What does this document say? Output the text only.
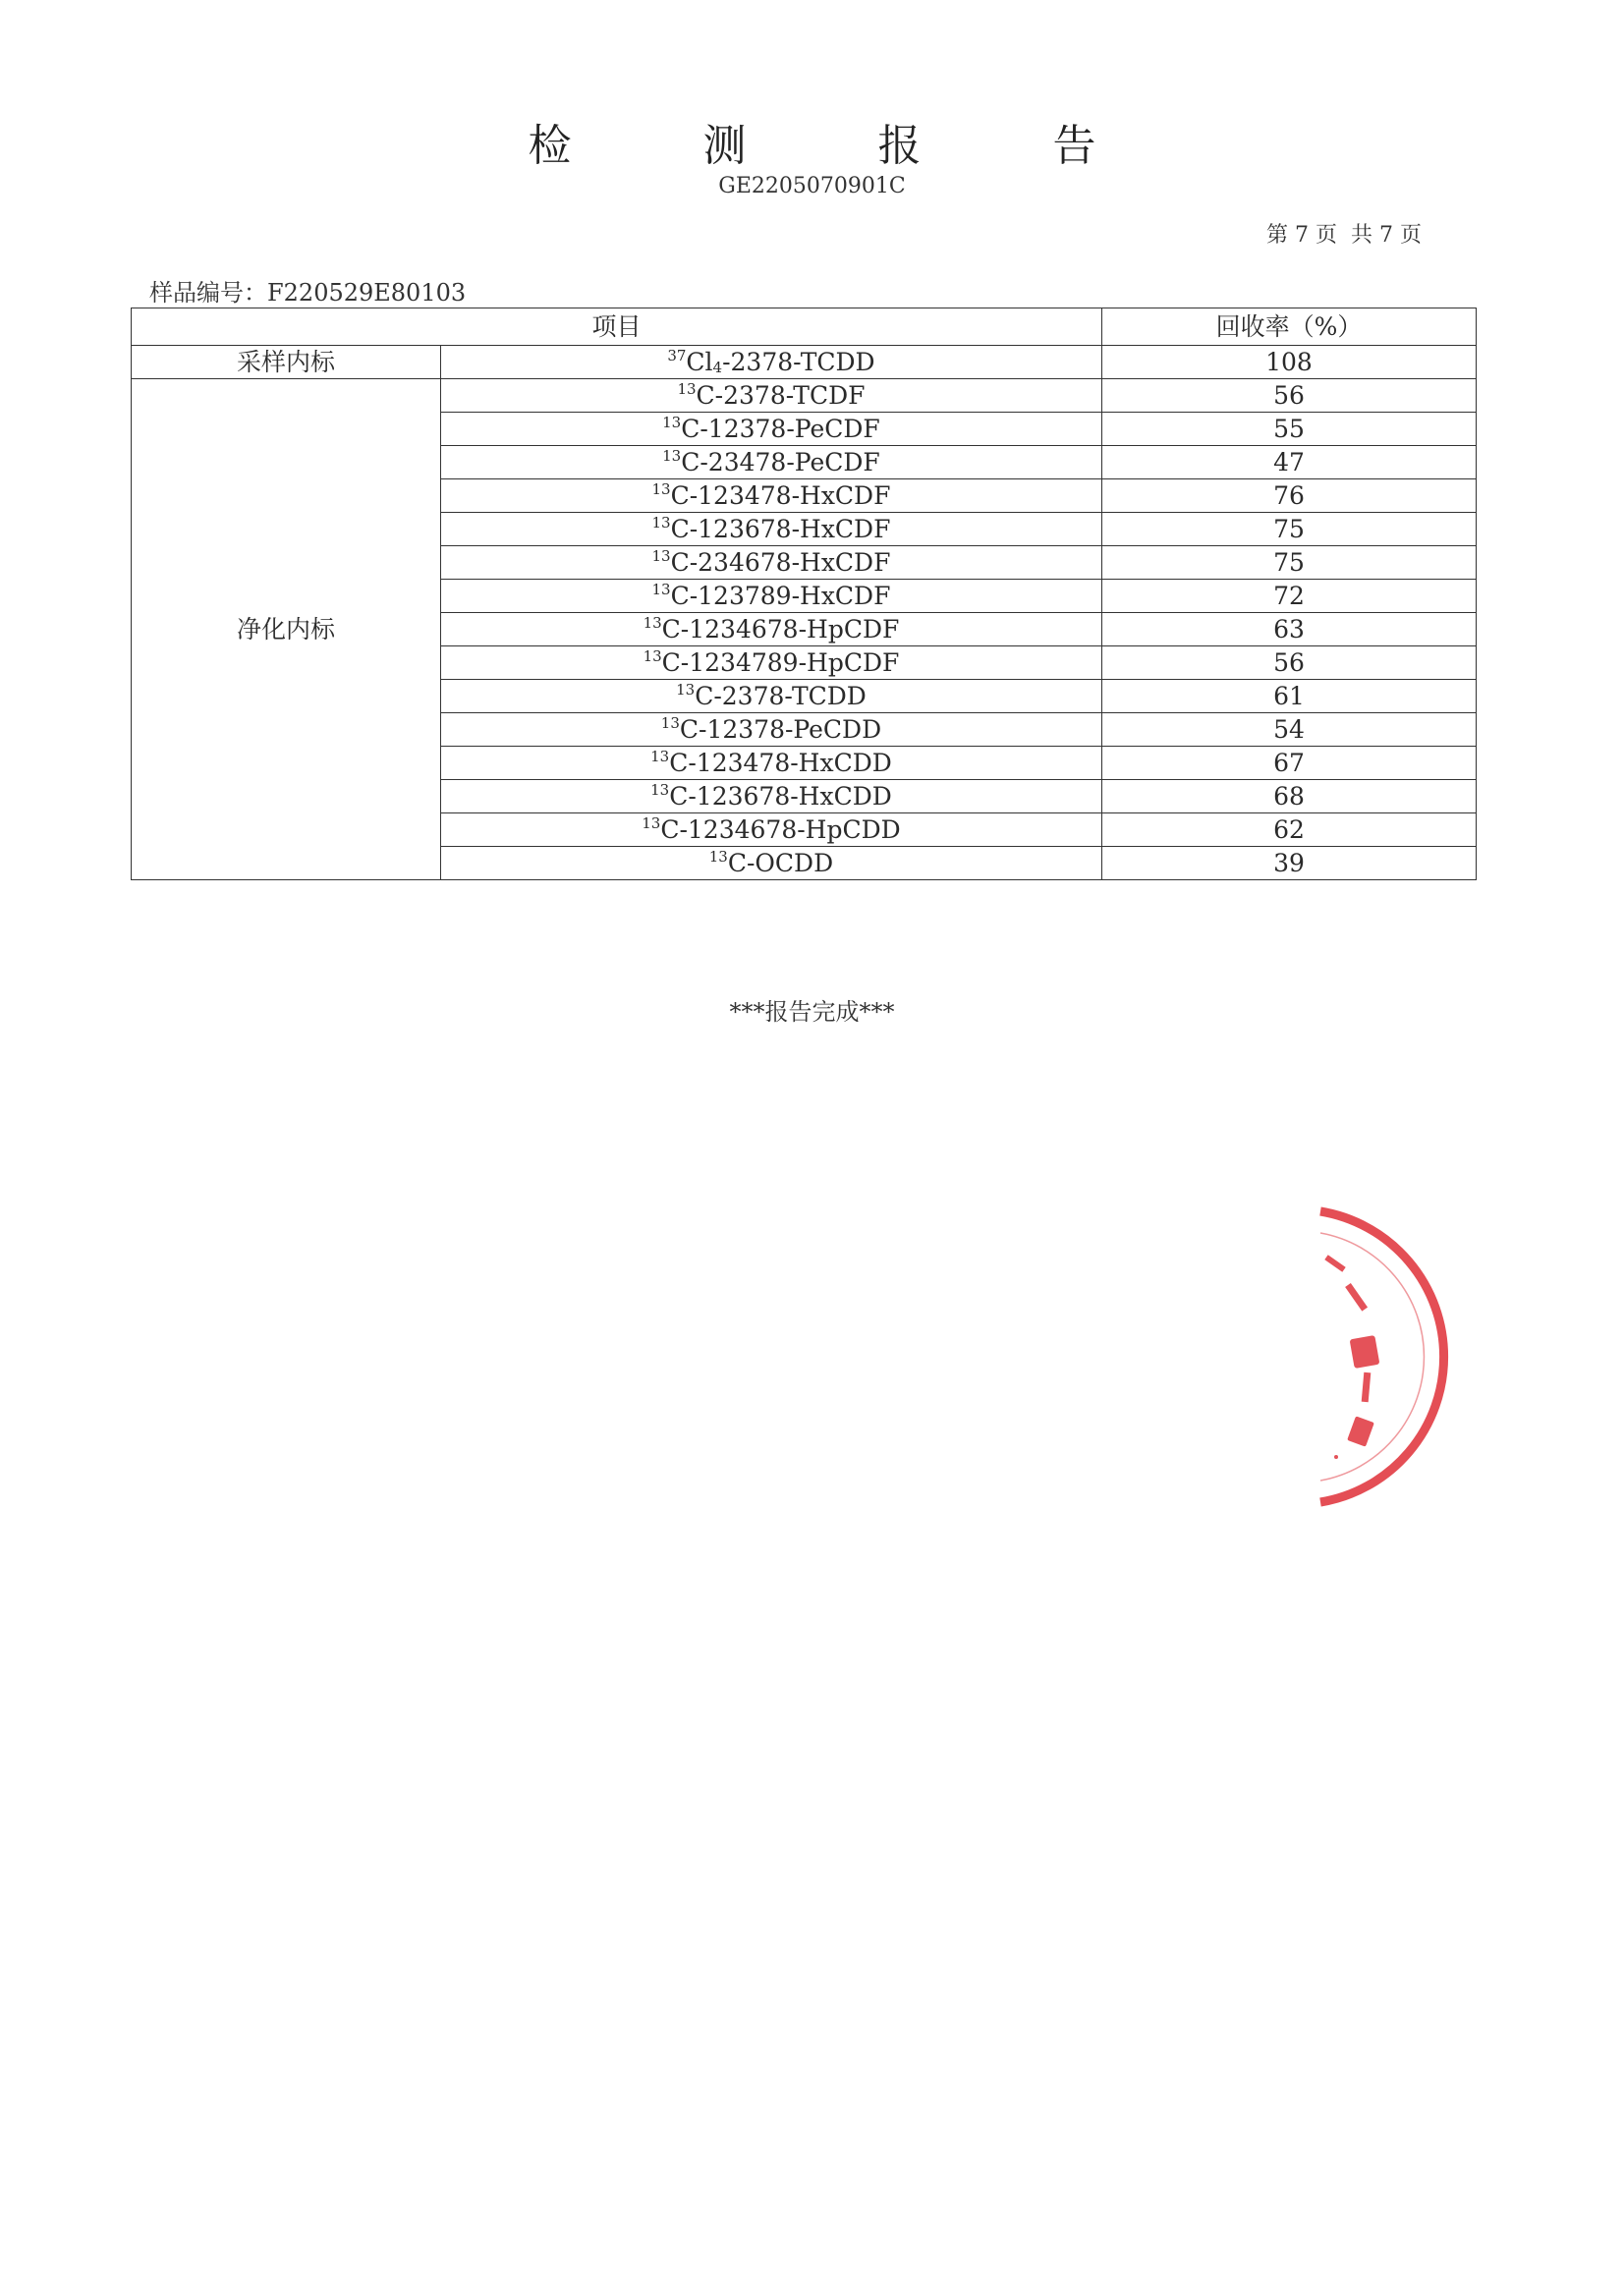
检 测 报 告
GE2205070901C
第 7 页  共 7 页
样品编号：F220529E80103
项目		回收率（%）
采样内标	$^{37}Cl_4-2378$-TCDD	108
净化内标	$^{13}$C-2378-TCDF	56
	$^{13}$C-12378-PeCDF	55
	$^{13}$C-23478-PeCDF	47
	$^{13}$C-123478-HxCDF	76
	$^{13}$C-123678-HxCDF	75
	$^{13}$C-234678-HxCDF	75
	$^{13}$C-123789-HxCDF	72
	$^{13}$C-1234678-HpCDF	63
	$^{13}$C-1234789-HpCDF	56
	$^{13}$C-2378-TCDD	61
	$^{13}$C-12378-PeCDD	54
	$^{13}$C-123478-HxCDD	67
	$^{13}$C-123678-HxCDD	68
	$^{13}$C-1234678-HpCDD	62
	$^{13}$C-OCDD	39
***报告完成***
